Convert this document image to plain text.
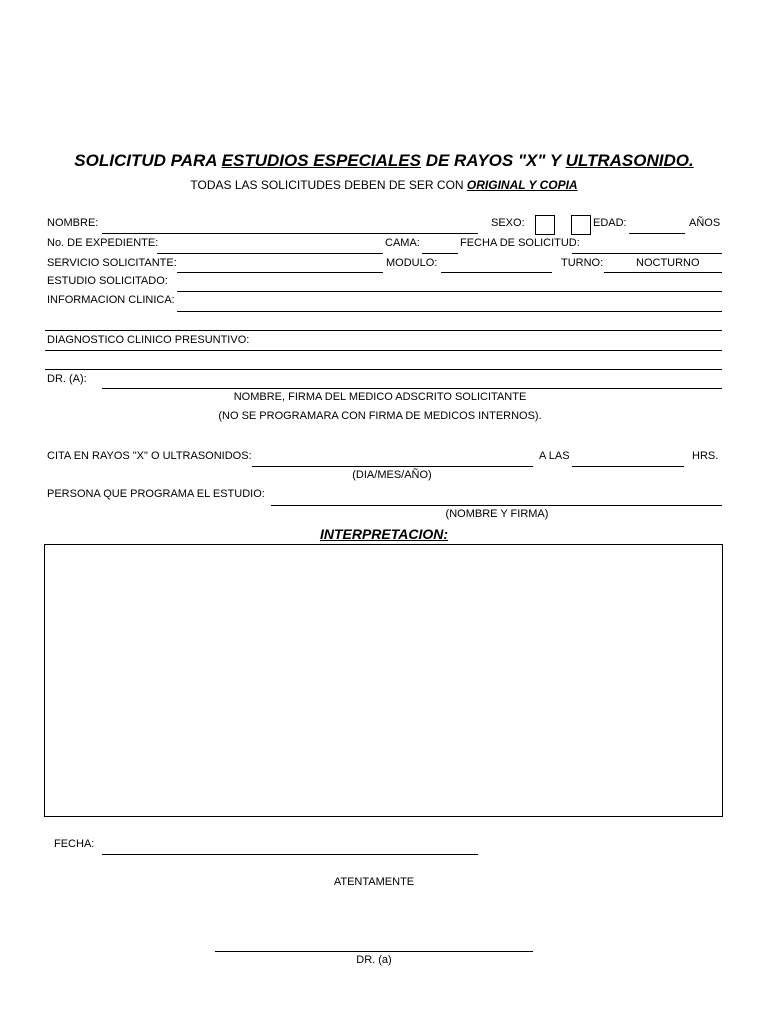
SOLICITUD PARA ESTUDIOS ESPECIALES DE RAYOS "X" Y ULTRASONIDO.
TODAS LAS SOLICITUDES DEBEN DE SER CON ORIGINAL Y COPIA
NOMBRE:	SEXO:	EDAD:	AÑOS
No. DE EXPEDIENTE:	CAMA:	FECHA DE SOLICITUD:
SERVICIO SOLICITANTE:	MODULO:	TURNO:	NOCTURNO
ESTUDIO SOLICITADO:
INFORMACION CLINICA:
DIAGNOSTICO CLINICO PRESUNTIVO:
DR. (A):
NOMBRE, FIRMA DEL MEDICO ADSCRITO SOLICITANTE
(NO SE PROGRAMARA CON FIRMA DE MEDICOS INTERNOS).
CITA EN RAYOS "X" O ULTRASONIDOS:	A LAS	HRS.
(DIA/MES/AÑO)
PERSONA QUE PROGRAMA EL ESTUDIO:
(NOMBRE Y FIRMA)
INTERPRETACION:
FECHA:
ATENTAMENTE
DR. (a)
